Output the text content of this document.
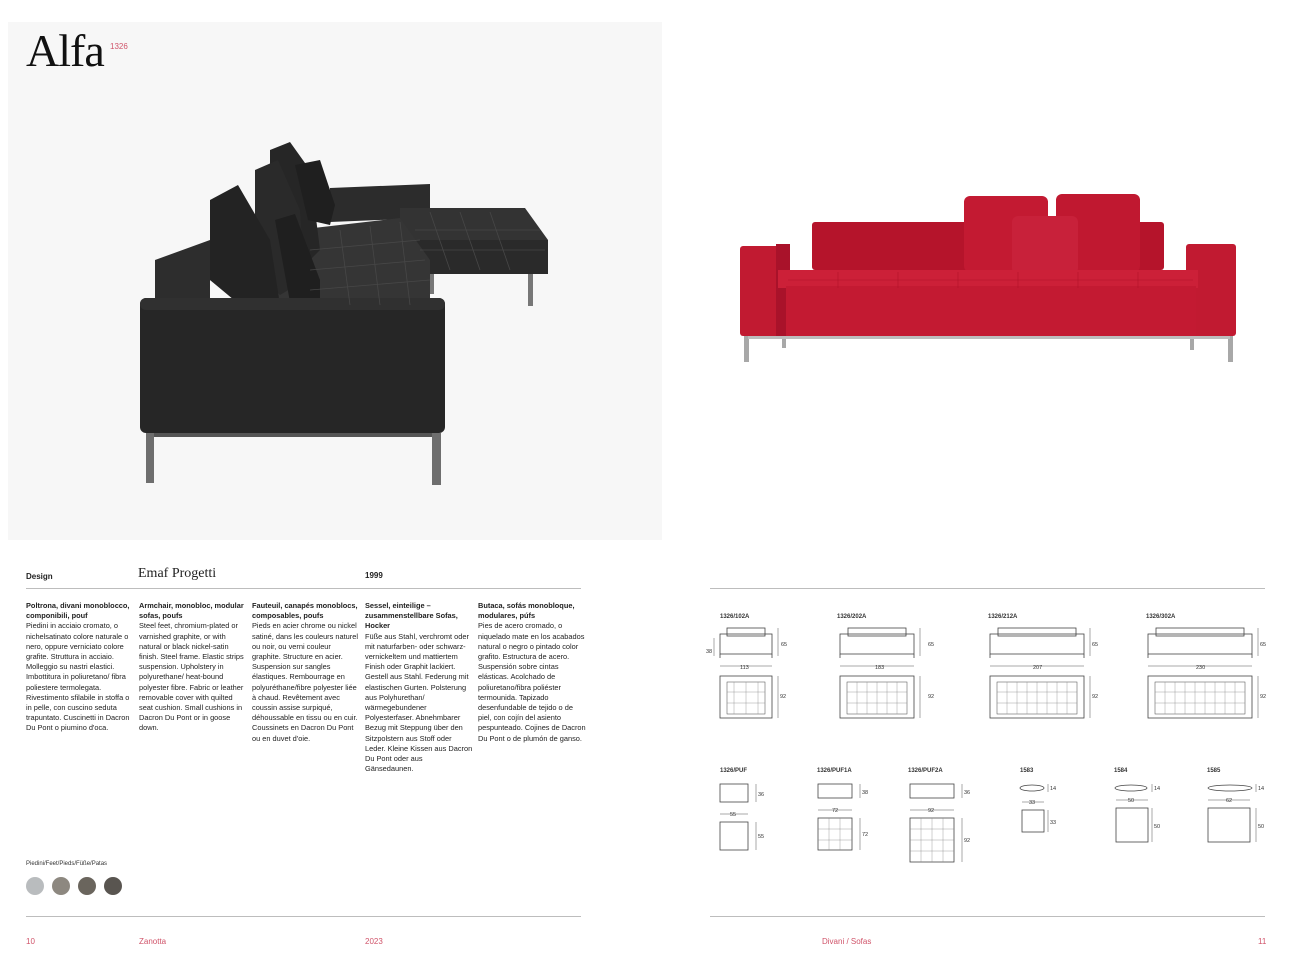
Alfa 1326
Design	Emaf Progetti	1999
Poltrona, divani monoblocco, componibili, pouf
Piedini in acciaio cromato, o nichelsatinato colore naturale o nero, oppure verniciato colore grafite. Struttura in acciaio. Molleggio su nastri elastici. Imbottitura in poliuretano/ fibra poliestere termolegata. Rivestimento sfilabile in stoffa o in pelle, con cuscino seduta trapuntato. Cuscinetti in Dacron Du Pont o piumino d'oca.
Armchair, monobloc, modular sofas, poufs
Steel feet, chromium-plated or varnished graphite, or with natural or black nickel-satin finish. Steel frame. Elastic strips suspension. Upholstery in polyurethane/ heat-bound polyester fibre. Fabric or leather removable cover with quilted seat cushion. Small cushions in Dacron Du Pont or in goose down.
Fauteuil, canapés monoblocs, composables, poufs
Pieds en acier chrome ou nickel satiné, dans les couleurs naturel ou noir, ou verni couleur graphite. Structure en acier. Suspension sur sangles élastiques. Rembourrage en polyuréthane/fibre polyester liée à chaud. Revêtement avec coussin assise surpiqué, déhoussable en tissu ou en cuir. Coussinets en Dacron Du Pont ou en duvet d'oie.
Sessel, einteilige – zusammenstellbare Sofas, Hocker
Füße aus Stahl, verchromt oder mit naturfarben- oder schwarz- vernickeltem und mattiertem Finish oder Graphit lackiert. Gestell aus Stahl. Federung mit elastischen Gurten. Polsterung aus Polyhurethan/ wärmegebundener Polyesterfaser. Abnehmbarer Bezug mit Steppung über den Sitzpolstern aus Stoff oder Leder. Kleine Kissen aus Dacron Du Pont oder aus Gänsedaunen.
Butaca, sofás monobloque, modulares, púfs
Pies de acero cromado, o niquelado mate en los acabados natural o negro o pintado color grafito. Estructura de acero. Suspensión sobre cintas elásticas. Acolchado de poliuretano/fibra poliéster termounida. Tapizado desenfundable de tejido o de piel, con cojín del asiento pespunteado. Cojines de Dacron Du Pont o de plumón de ganso.
Piedini/Feet/Pieds/Füße/Patas
1326/102A	1326/202A	1326/212A	1326/302A
1326/PUF	1326/PUF1A	1326/PUF2A	1583	1584	1585
65
38
113
92
65
183
92
65
207
92
65
230
92
36
55
55
38
72
72
36
92
92
14
33
33
14
50
50
14
62
50
10	Zanotta	2023	Divani / Sofas	11
